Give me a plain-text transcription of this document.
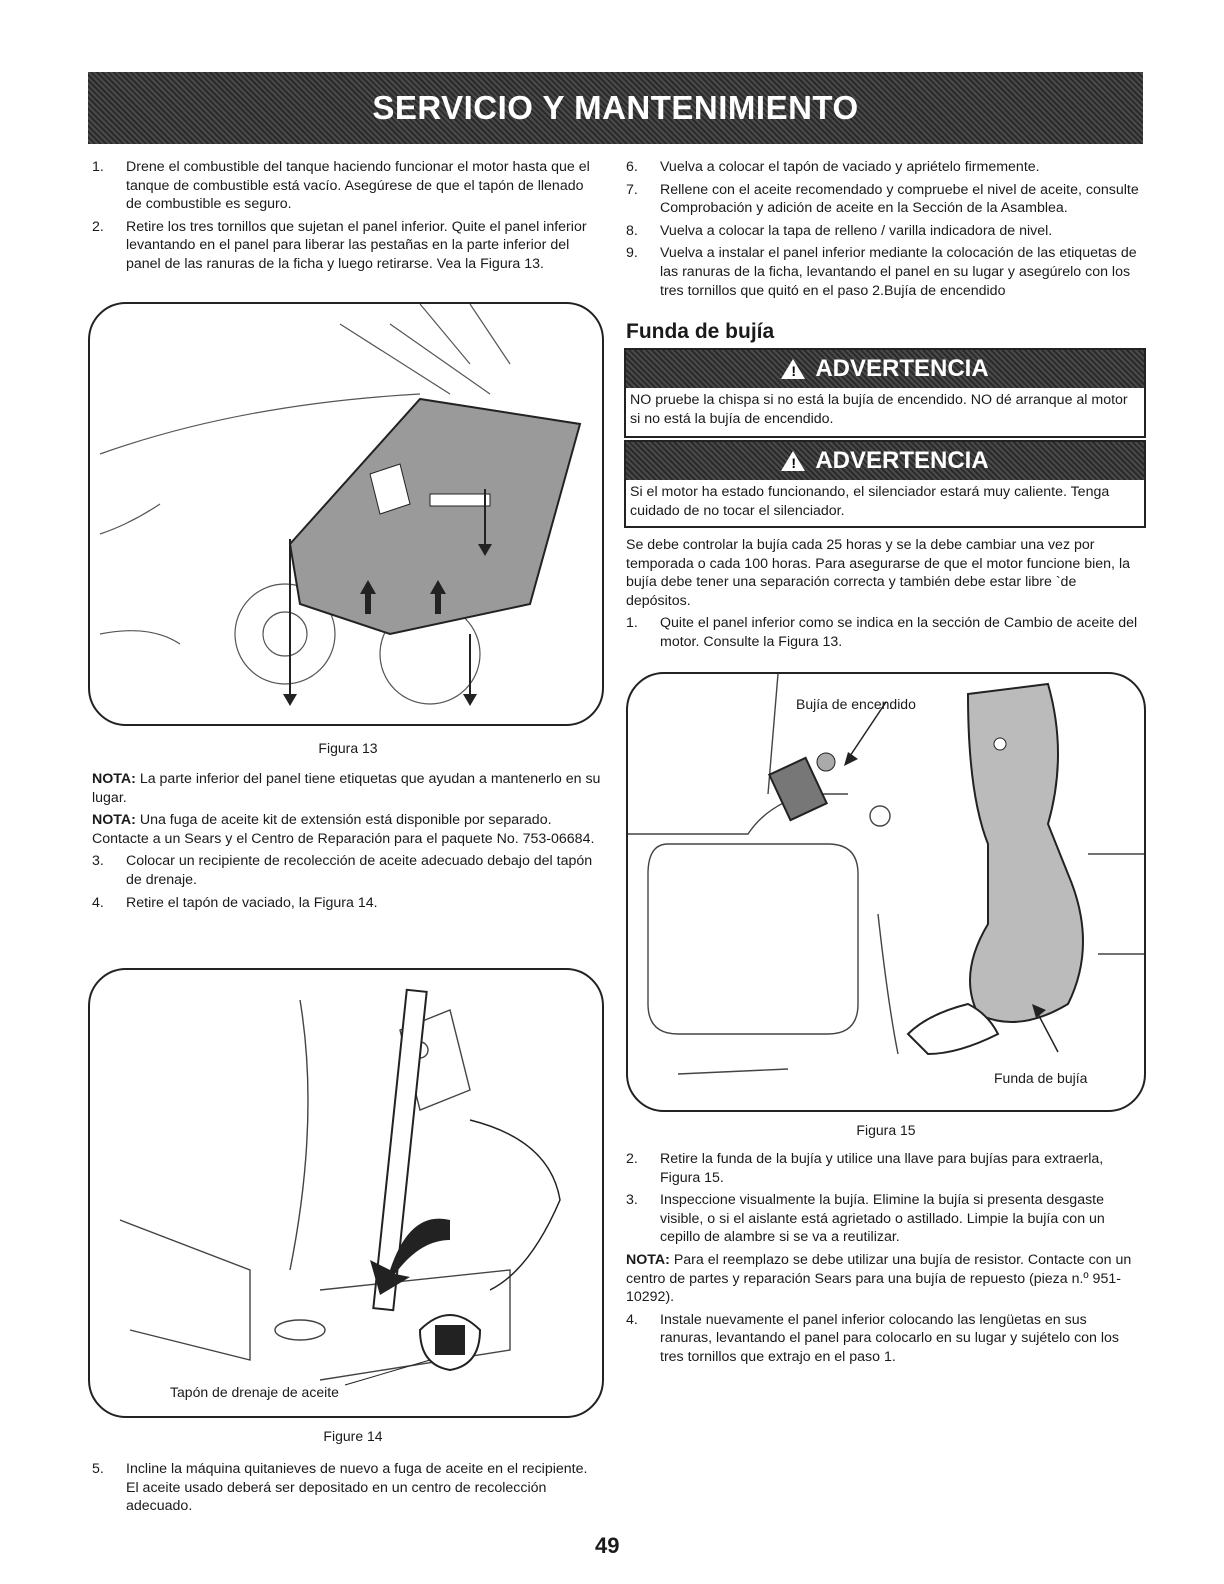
SERVICIO Y MANTENIMIENTO
1.	Drene el combustible del tanque haciendo funcionar el motor hasta que el tanque de combustible está vacío. Asegúrese de que el tapón de llenado de combustible es seguro.
2.	Retire los tres tornillos que sujetan el panel inferior. Quite el panel inferior levantando en el panel para liberar las pestañas en la parte inferior del panel de las ranuras de la ficha y luego retirarse. Vea la Figura 13.
Figura 13

NOTA: La parte inferior del panel tiene etiquetas que ayudan a mantenerlo en su lugar.

NOTA: Una fuga de aceite kit de extensión está disponible por separado. Contacte a un Sears y el Centro de Reparación para el paquete No. 753-06684.

3.	Colocar un recipiente de recolección de aceite adecuado debajo del tapón de drenaje.
4.	Retire el tapón de vaciado, la Figura 14.
Tapón de drenaje de aceite
Figure 14
5.	Incline la máquina quitanieves de nuevo a fuga de aceite en el recipiente. El aceite usado deberá ser depositado en un centro de recolección adecuado.
6.	Vuelva a colocar el tapón de vaciado y apriételo firmemente.
7.	Rellene con el aceite recomendado y compruebe el nivel de aceite, consulte Comprobación y adición de aceite en la Sección de la Asamblea.
8.	Vuelva a colocar la tapa de relleno / varilla indicadora de nivel.
9.	Vuelva a instalar el panel inferior mediante la colocación de las etiquetas de las ranuras de la ficha, levantando el panel en su lugar y asegúrelo con los tres tornillos que quitó en el paso 2.Bujía de encendido
Funda de bujía
! ADVERTENCIA
NO pruebe la chispa si no está la bujía de encendido. NO dé arranque al motor si no está la bujía de encendido.
! ADVERTENCIA
Si el motor ha estado funcionando, el silenciador estará muy caliente. Tenga cuidado de no tocar el silenciador.

Se debe controlar la bujía cada 25 horas y se la debe cambiar una vez por temporada o cada 100 horas. Para asegurarse de que el motor funcione bien, la bujía debe tener una separación correcta y también debe estar libre `de depósitos.

1.	Quite el panel inferior como se indica en la sección de Cambio de aceite del motor. Consulte la Figura 13.
Bujía de encendido
Funda de bujía
Figura 15
2.	Retire la funda de la bujía y utilice una llave para bujías para extraerla, Figura 15.
3.	Inspeccione visualmente la bujía. Elimine la bujía si presenta desgaste visible, o si el aislante está agrietado o astillado. Limpie la bujía con un cepillo de alambre si se va a reutilizar.

NOTA: Para el reemplazo se debe utilizar una bujía de resistor. Contacte con un centro de partes y reparación Sears para una bujía de repuesto (pieza n.º 951-10292).

4.	Instale nuevamente el panel inferior colocando las lengüetas en sus ranuras, levantando el panel para colocarlo en su lugar y sujételo con los tres tornillos que extrajo en el paso 1.
49
